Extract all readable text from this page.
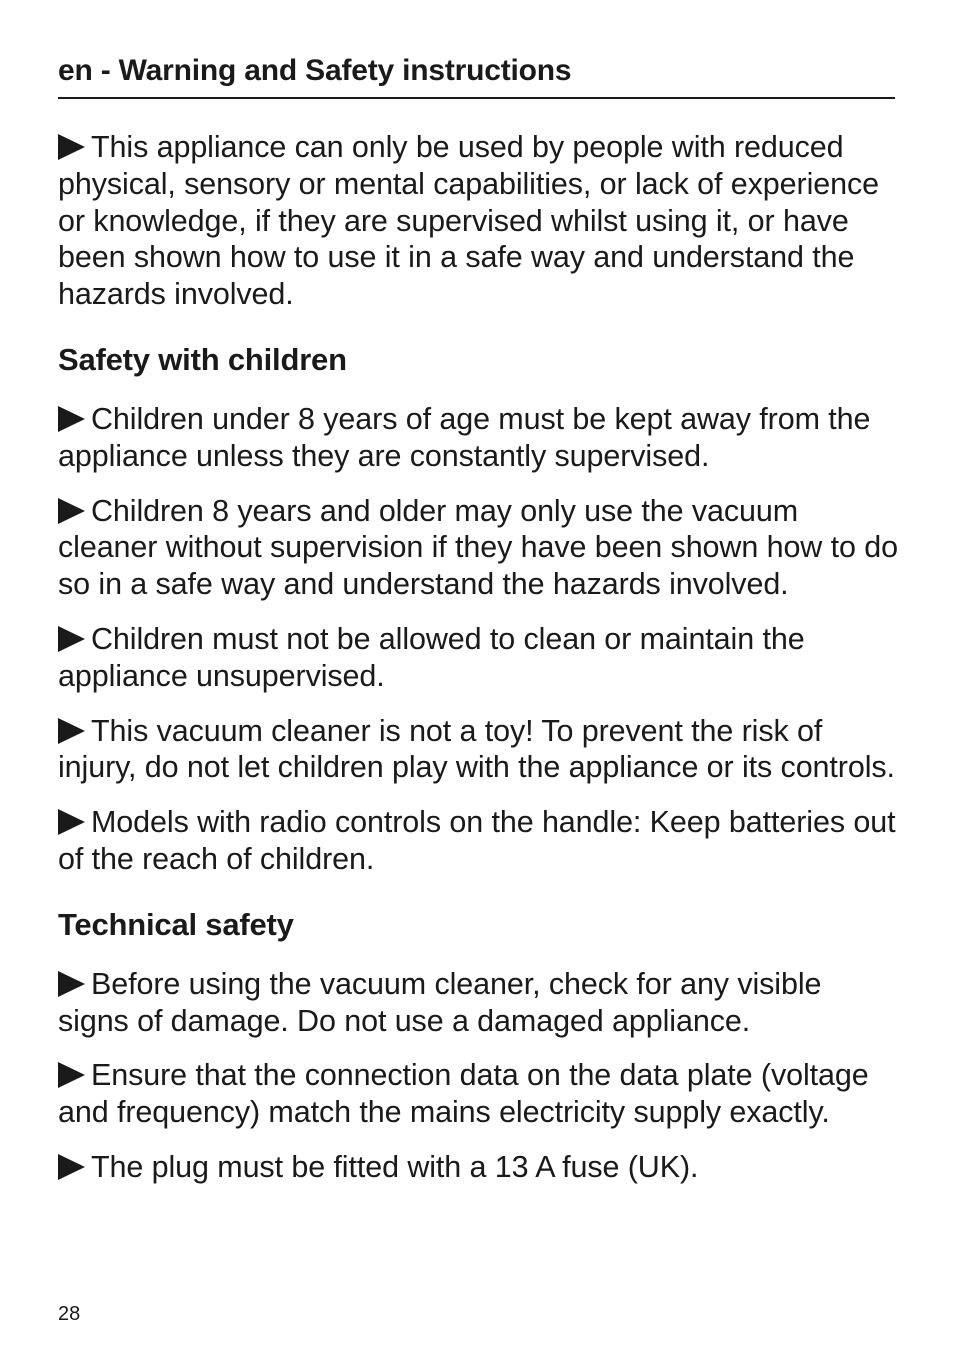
en - Warning and Safety instructions

This appliance can only be used by people with reduced physical, sensory or mental capabilities, or lack of experience or knowledge, if they are supervised whilst using it, or have been shown how to use it in a safe way and understand the hazards involved.

Safety with children

Children under 8 years of age must be kept away from the appliance unless they are constantly supervised.

Children 8 years and older may only use the vacuum cleaner without supervision if they have been shown how to do so in a safe way and understand the hazards involved.

Children must not be allowed to clean or maintain the appliance unsupervised.

This vacuum cleaner is not a toy! To prevent the risk of injury, do not let children play with the appliance or its controls.

Models with radio controls on the handle: Keep batteries out of the reach of children.

Technical safety

Before using the vacuum cleaner, check for any visible signs of damage. Do not use a damaged appliance.

Ensure that the connection data on the data plate (voltage and frequency) match the mains electricity supply exactly.

The plug must be fitted with a 13 A fuse (UK).

28
